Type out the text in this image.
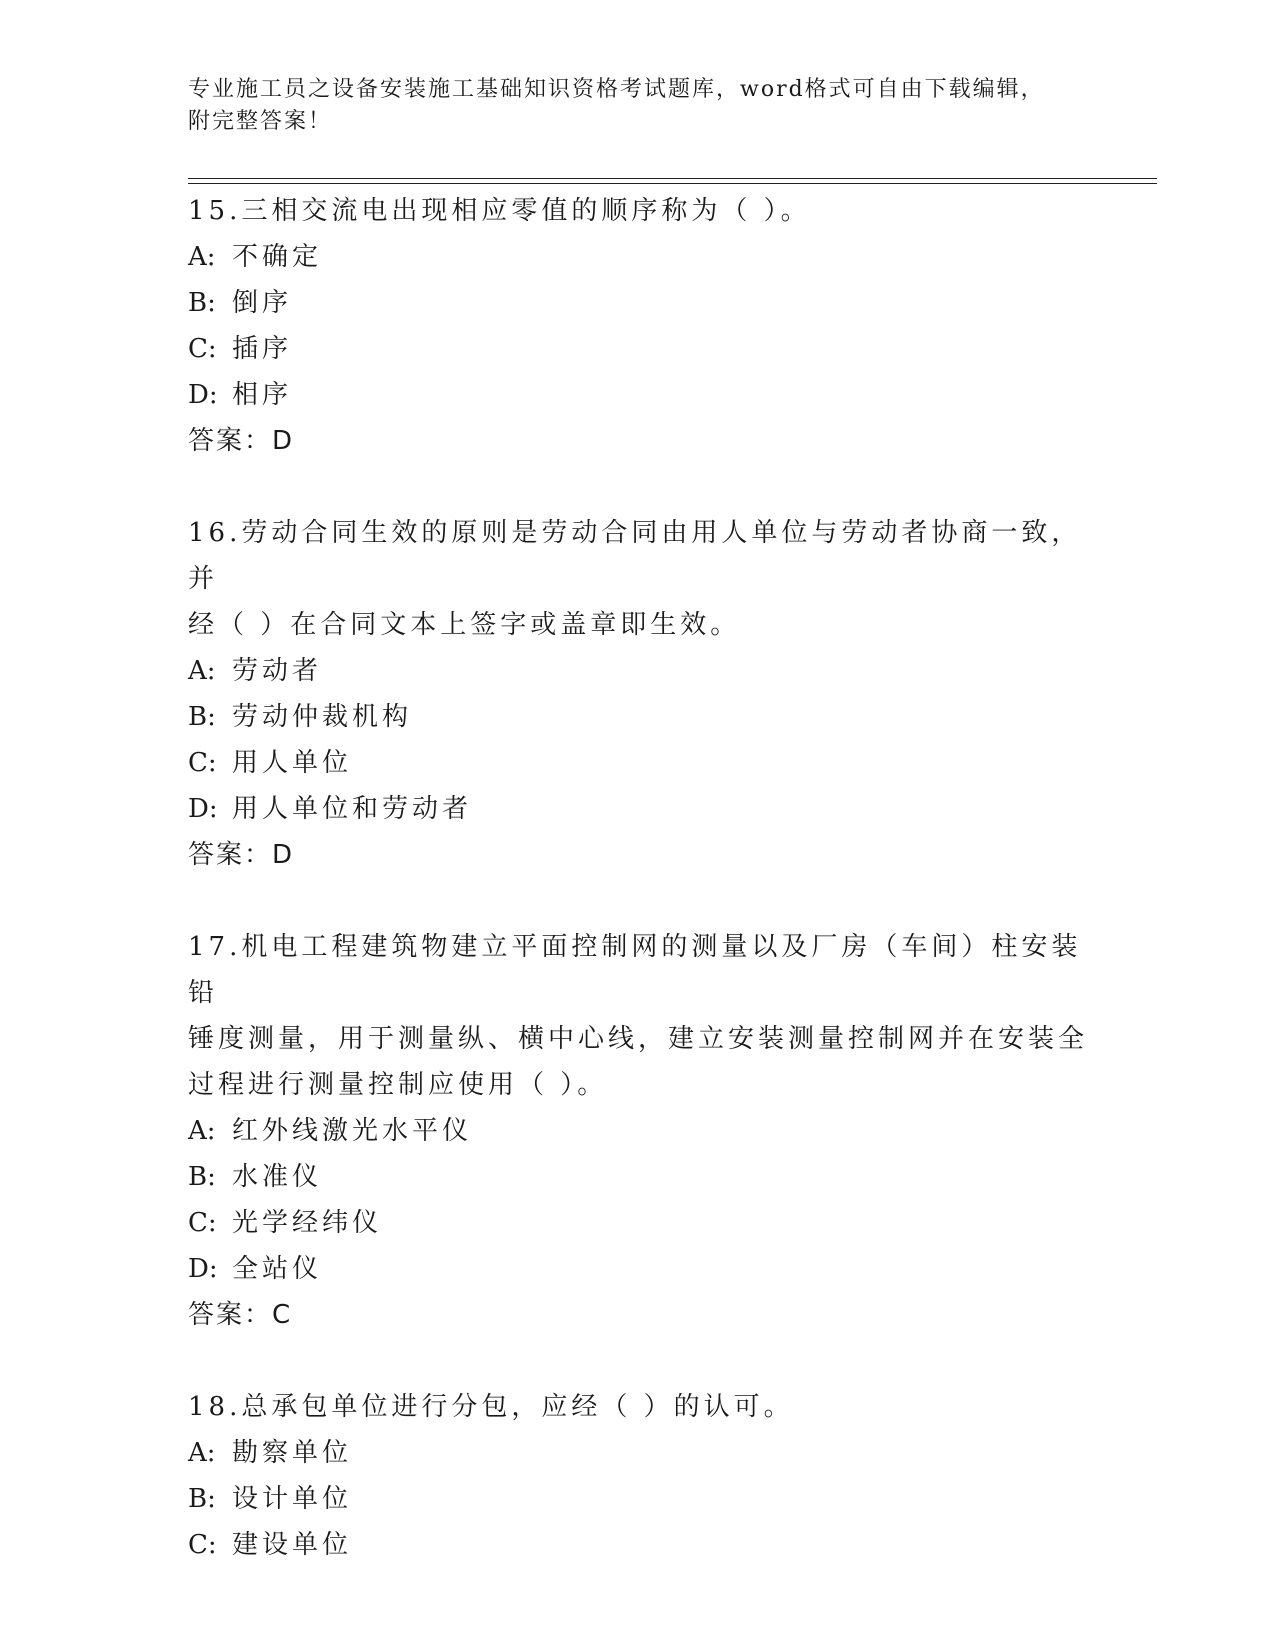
专业施工员之设备安装施工基础知识资格考试题库，word格式可自由下载编辑，
附完整答案！
15.三相交流电出现相应零值的顺序称为（ ）。
A: 不确定
B: 倒序
C: 插序
D: 相序
答案：D
16.劳动合同生效的原则是劳动合同由用人单位与劳动者协商一致，并
经（ ）在合同文本上签字或盖章即生效。
A: 劳动者
B: 劳动仲裁机构
C: 用人单位
D: 用人单位和劳动者
答案：D
17.机电工程建筑物建立平面控制网的测量以及厂房（车间）柱安装铅
锤度测量，用于测量纵、横中心线，建立安装测量控制网并在安装全
过程进行测量控制应使用（ ）。
A: 红外线激光水平仪
B: 水准仪
C: 光学经纬仪
D: 全站仪
答案：C
18.总承包单位进行分包，应经（ ）的认可。
A: 勘察单位
B: 设计单位
C: 建设单位
